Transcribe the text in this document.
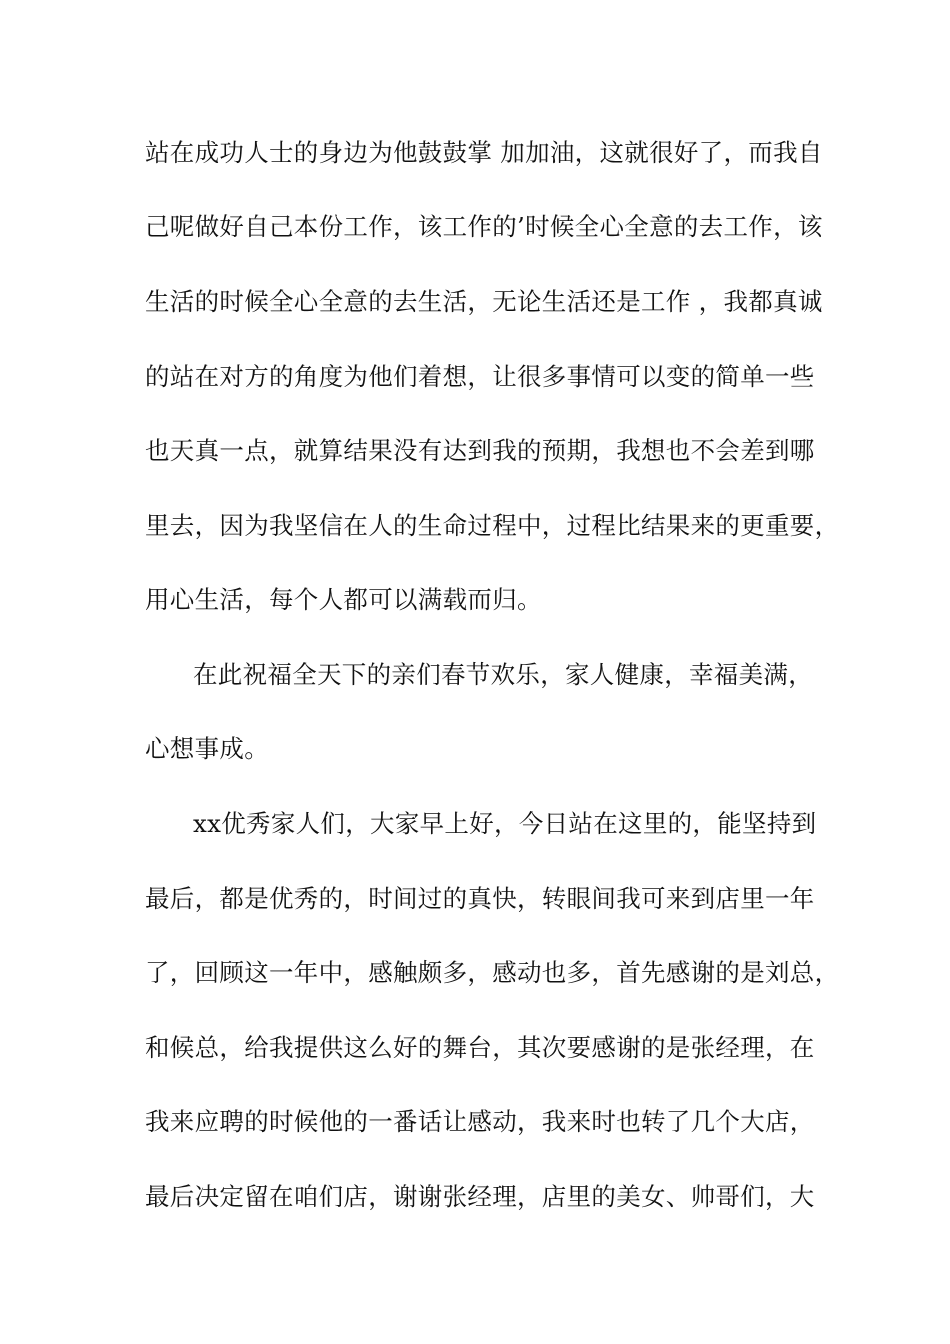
站在成功人士的身边为他鼓鼓掌 加加油，这就很好了，而我自
己呢做好自己本份工作，该工作的’时候全心全意的去工作，该
生活的时候全心全意的去生活，无论生活还是工作 ，我都真诚
的站在对方的角度为他们着想，让很多事情可以变的简单一些
也天真一点，就算结果没有达到我的预期，我想也不会差到哪
里去，因为我坚信在人的生命过程中，过程比结果来的更重要，
用心生活，每个人都可以满载而归。
在此祝福全天下的亲们春节欢乐，家人健康，幸福美满，
心想事成。
xx优秀家人们，大家早上好，今日站在这里的，能坚持到
最后，都是优秀的，时间过的真快，转眼间我可来到店里一年
了，回顾这一年中，感触颇多，感动也多，首先感谢的是刘总，
和候总，给我提供这么好的舞台，其次要感谢的是张经理，在
我来应聘的时候他的一番话让感动，我来时也转了几个大店，
最后决定留在咱们店，谢谢张经理，店里的美女、帅哥们，大
